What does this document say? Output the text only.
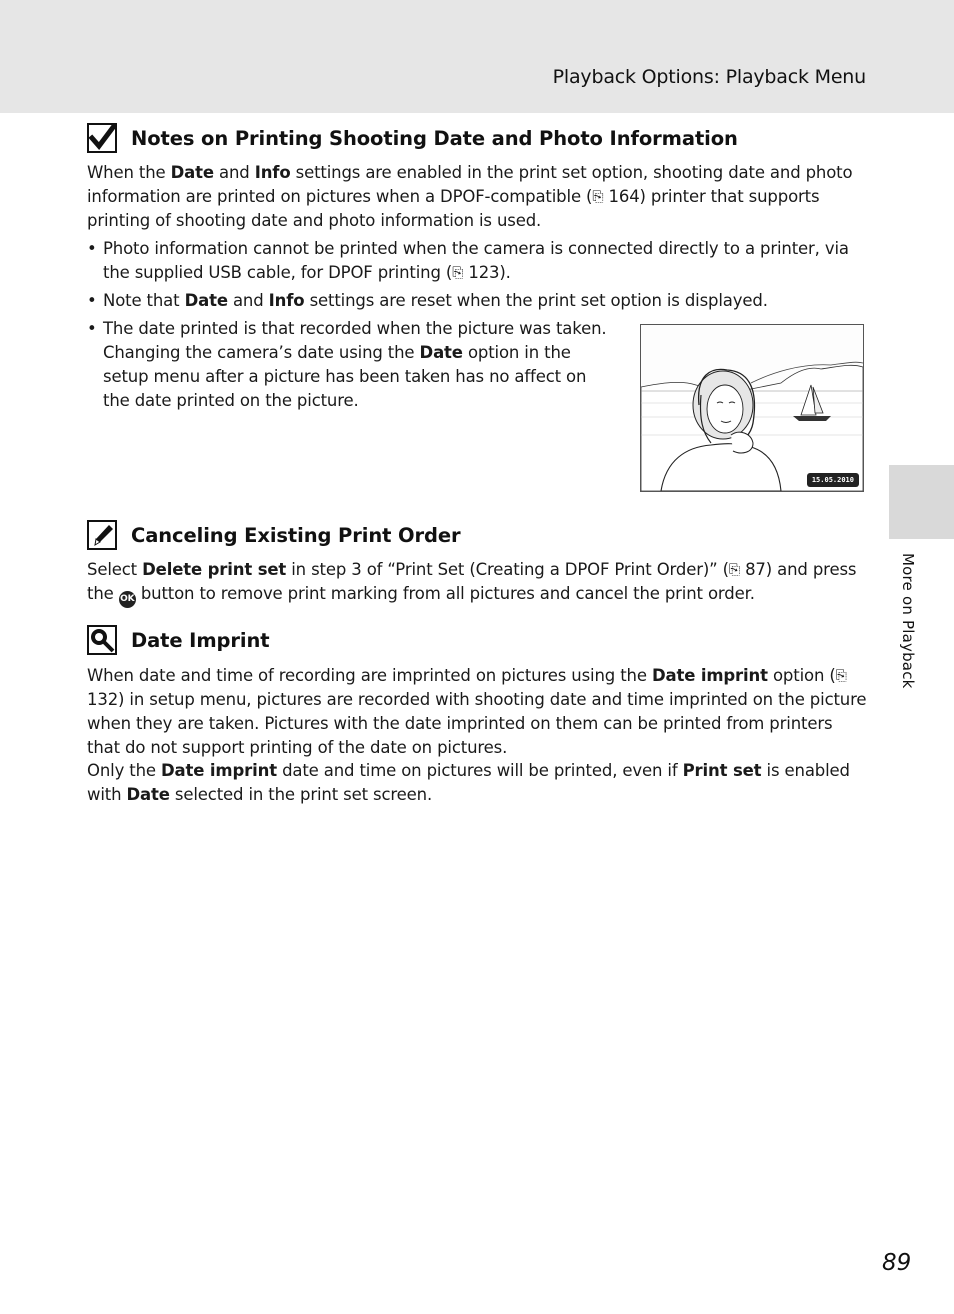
Playback Options: Playback Menu
More on Playback
Notes on Printing Shooting Date and Photo Information

When the Date and Info settings are enabled in the print set option, shooting date and photo information are printed on pictures when a DPOF-compatible (⎘ 164) printer that supports printing of shooting date and photo information is used.

• Photo information cannot be printed when the camera is connected directly to a printer, via the supplied USB cable, for DPOF printing (⎘ 123).

• Note that Date and Info settings are reset when the print set option is displayed.

• The date printed is that recorded when the picture was taken. Changing the camera’s date using the Date option in the setup menu after a picture has been taken has no affect on the date printed on the picture.

15.05.2010
Canceling Existing Print Order

Select Delete print set in step 3 of “Print Set (Creating a DPOF Print Order)” (⎘ 87) and press the OK button to remove print marking from all pictures and cancel the print order.

Date Imprint

When date and time of recording are imprinted on pictures using the Date imprint option (⎘ 132) in setup menu, pictures are recorded with shooting date and time imprinted on the picture when they are taken. Pictures with the date imprinted on them can be printed from printers that do not support printing of the date on pictures.

Only the Date imprint date and time on pictures will be printed, even if Print set is enabled with Date selected in the print set screen.

89
